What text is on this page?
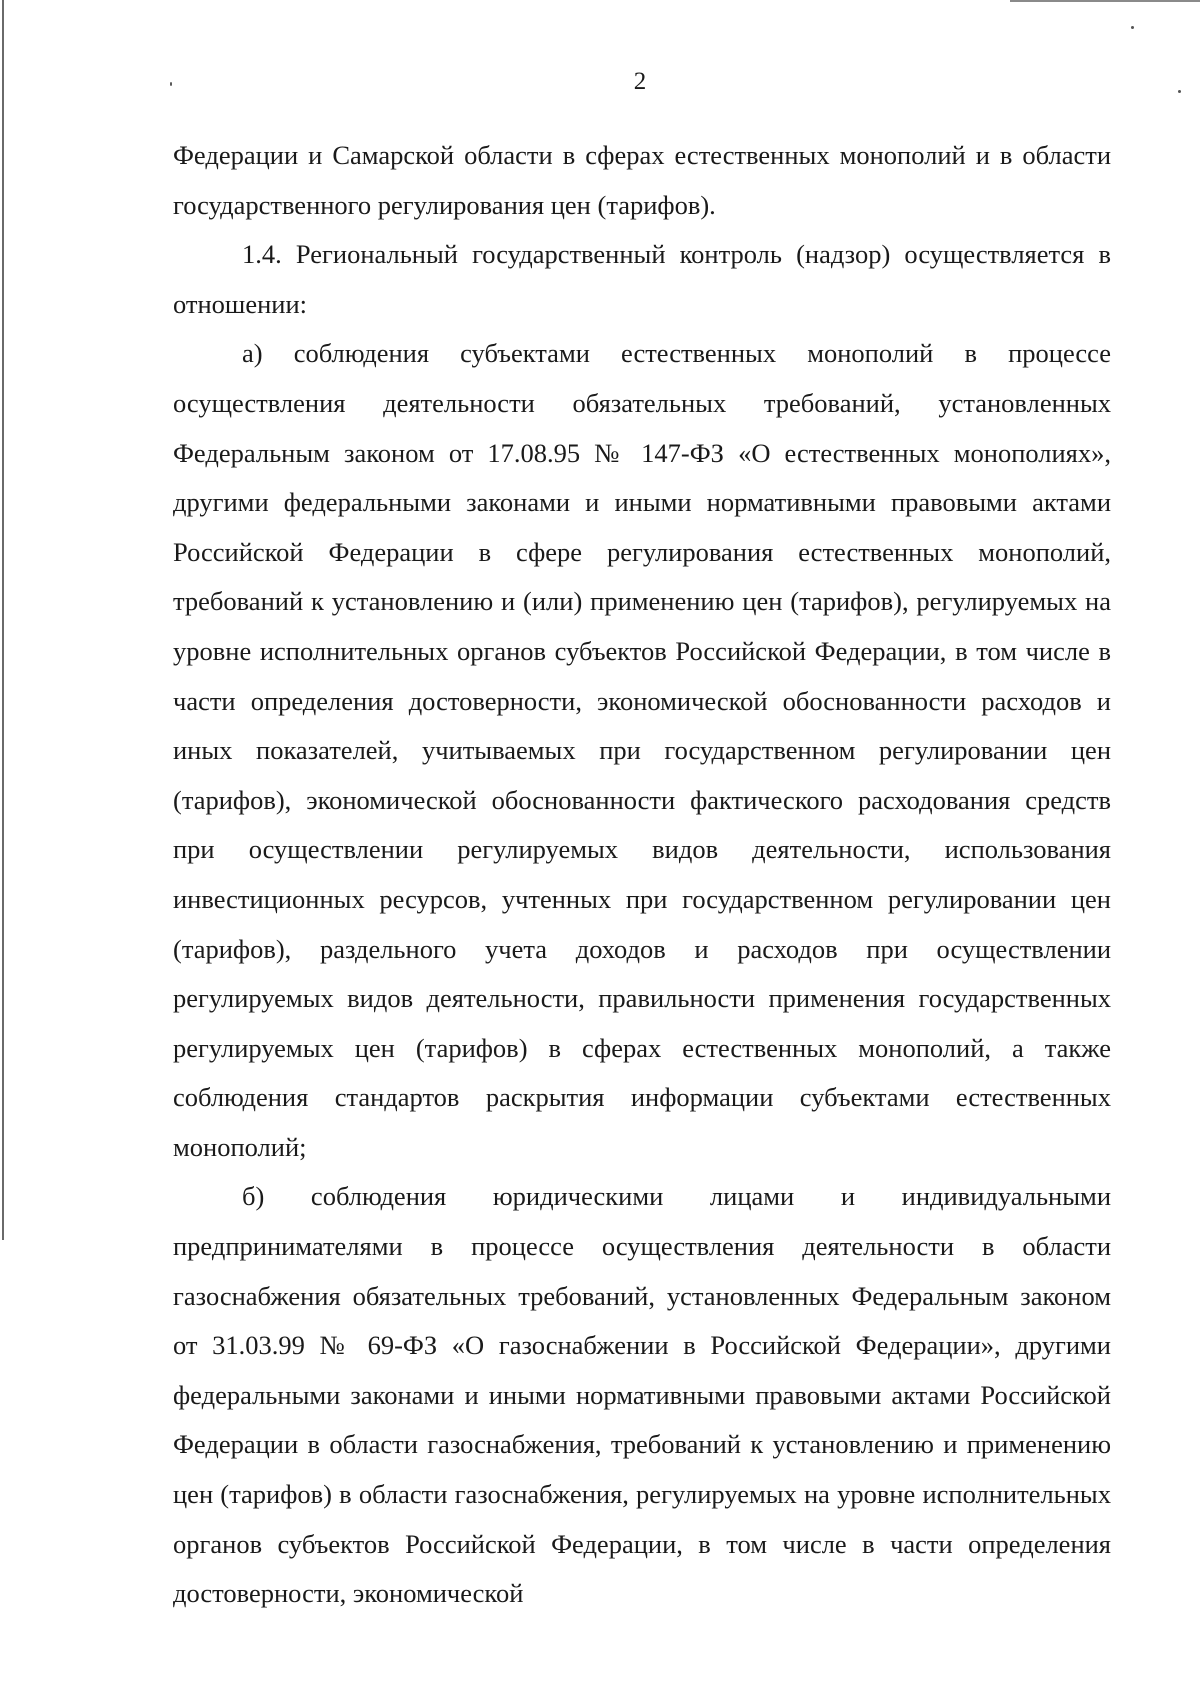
2

Федерации и Самарской области в сферах естественных монополий и в области государственного регулирования цен (тарифов).

1.4. Региональный государственный контроль (надзор) осуществляется в отношении:

а) соблюдения субъектами естественных монополий в процессе осуществления деятельности обязательных требований, установленных Федеральным законом от 17.08.95 № 147-ФЗ «О естественных монополиях», другими федеральными законами и иными нормативными правовыми актами Российской Федерации в сфере регулирования естественных монополий, требований к установлению и (или) применению цен (тарифов), регулируемых на уровне исполнительных органов субъектов Российской Федерации, в том числе в части определения достоверности, экономической обоснованности расходов и иных показателей, учитываемых при государственном регулировании цен (тарифов), экономической обоснованности фактического расходования средств при осуществлении регулируемых видов деятельности, использования инвестиционных ресурсов, учтенных при государственном регулировании цен (тарифов), раздельного учета доходов и расходов при осуществлении регулируемых видов деятельности, правильности применения государственных регулируемых цен (тарифов) в сферах естественных монополий, а также соблюдения стандартов раскрытия информации субъектами естественных монополий;

б) соблюдения юридическими лицами и индивидуальными предпринимателями в процессе осуществления деятельности в области газоснабжения обязательных требований, установленных Федеральным законом от 31.03.99 № 69-ФЗ «О газоснабжении в Российской Федерации», другими федеральными законами и иными нормативными правовыми актами Российской Федерации в области газоснабжения, требований к установлению и применению цен (тарифов) в области газоснабжения, регулируемых на уровне исполнительных органов субъектов Российской Федерации, в том числе в части определения достоверности, экономической
